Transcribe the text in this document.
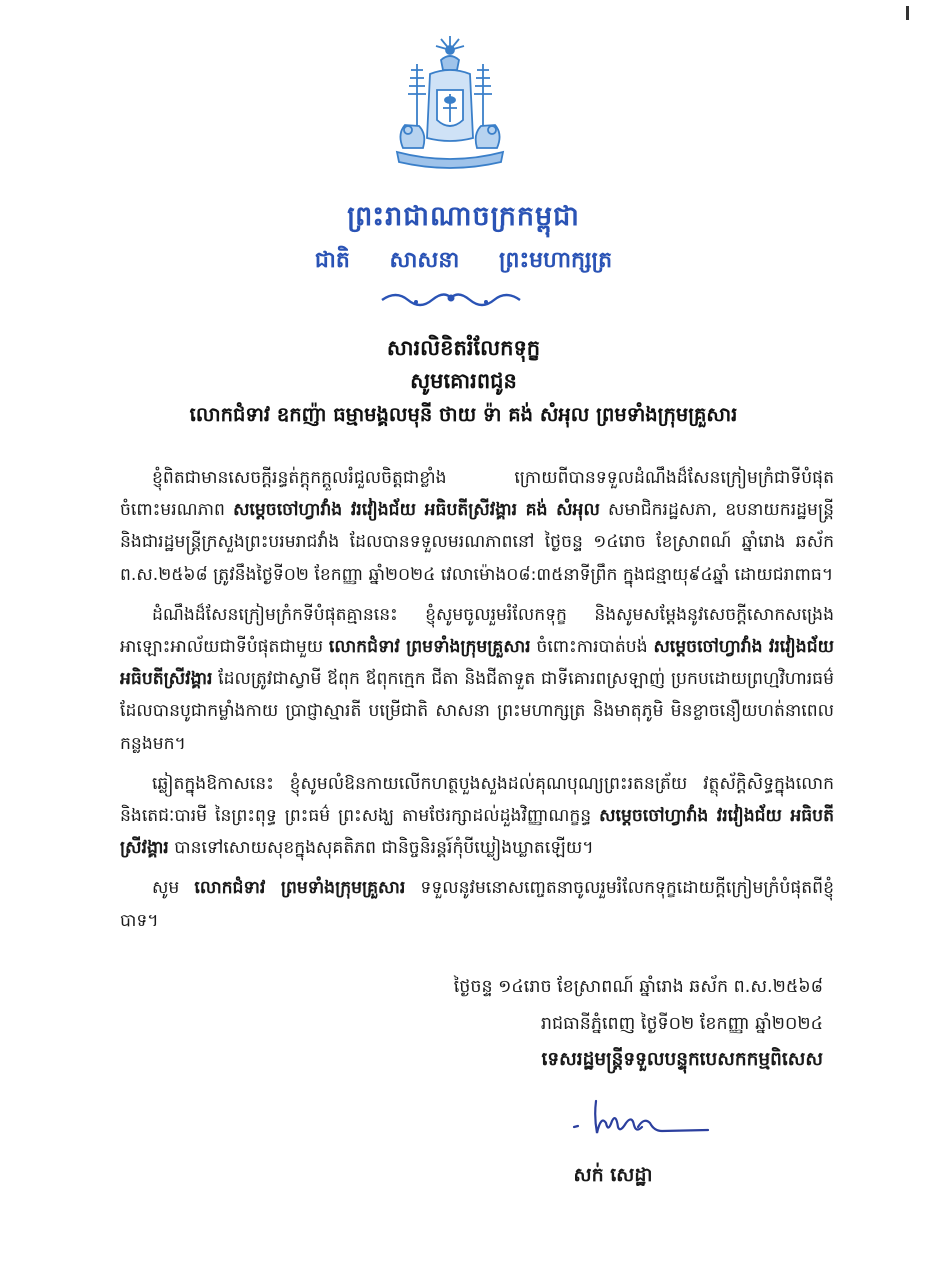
ព្រះរាជាណាចក្រកម្ពុជា
ជាតិ សាសនា ព្រះមហាក្សត្រ
សារលិខិតរំលែកទុក្ខ
សូមគោរពជូន
លោកជំទាវ ឧកញ៉ា ធម្មាមង្គលមុនី ថាយ ទ៉ា គង់ សំអុល ព្រមទាំងក្រុមគ្រួសារ

ខ្ញុំពិតជាមានសេចក្តីរន្ធត់ក្តុកក្តួលរំជួលចិត្តជាខ្លាំង ក្រោយពីបានទទួលដំណឹងដ៏សែនក្រៀមក្រំជាទីបំផុតចំពោះមរណភាព សម្តេចចៅហ្វាវាំង វរវៀងជ័យ អធិបតីស្រីវង្គារ គង់ សំអុល សមាជិករដ្ឋសភា, ឧបនាយករដ្ឋមន្ត្រី និងជារដ្ឋមន្ត្រីក្រសួងព្រះបរមរាជវាំង ដែលបានទទួលមរណភាពនៅ ថ្ងៃចន្ទ ១៤រោច ខែស្រាពណ៍ ឆ្នាំរោង ឆស័ក ព.ស.២៥៦៨ ត្រូវនឹងថ្ងៃទី០២ ខែកញ្ញា ឆ្នាំ២០២៤ វេលាម៉ោង០៨:៣៥នាទីព្រឹក ក្នុងជន្មាយុ៩៤ឆ្នាំ ដោយជរាពាធ។

ដំណឹងដ៏សែនក្រៀមក្រំកទីបំផុតគ្មាននេះ ខ្ញុំសូមចូលរួមរំលែកទុក្ខ និងសូមសម្តែងនូវសេចក្តីសោកសង្រេង អាឡោះអាល័យជាទីបំផុតជាមួយ លោកជំទាវ ព្រមទាំងក្រុមគ្រួសារ ចំពោះការបាត់បង់ សម្តេចចៅហ្វាវាំង វរវៀងជ័យ អធិបតីស្រីវង្គារ ដែលត្រូវជាស្វាមី ឪពុក ឪពុកក្មេក ជីតា និងជីតាទួត ជាទីគោរពស្រឡាញ់ ប្រកបដោយព្រហ្មវិហារធម៌ ដែលបានបូជាកម្លាំងកាយ ប្រាជ្ញាស្មារតី បម្រើជាតិ សាសនា ព្រះមហាក្សត្រ និងមាតុភូមិ មិនខ្លាចនឿយហត់នាពេលកន្លងមក។

ឆ្លៀតក្នុងឱកាសនេះ ខ្ញុំសូមលំឱនកាយលើកហត្ថបួងសួងដល់គុណបុណ្យព្រះរតនត្រ័យ វត្ថុស័ក្តិសិទ្ធក្នុងលោក និងតេជៈបារមី នៃព្រះពុទ្ធ ព្រះធម៌ ព្រះសង្ឃ តាមថែរក្សាដល់ដួងវិញ្ញាណក្ខន្ធ សម្តេចចៅហ្វាវាំង វរវៀងជ័យ អធិបតីស្រីវង្គារ បានទៅសោយសុខក្នុងសុគតិភព ជានិច្ចនិរន្តរ៍កុំបីឃ្លៀងឃ្លាតឡើយ។

សូម លោកជំទាវ ព្រមទាំងក្រុមគ្រួសារ ទទួលនូវមនោសញ្ចេតនាចូលរួមរំលែកទុក្ខដោយក្តីក្រៀមក្រំបំផុតពីខ្ញុំបាទ។

ថ្ងៃចន្ទ ១៤រោច ខែស្រាពណ៍ ឆ្នាំរោង ឆស័ក ព.ស.២៥៦៨
រាជធានីភ្នំពេញ ថ្ងៃទី០២ ខែកញ្ញា ឆ្នាំ២០២៤
ទេសរដ្ឋមន្ត្រីទទួលបន្ទុកបេសកកម្មពិសេស
សក់ សេដ្ឋា
